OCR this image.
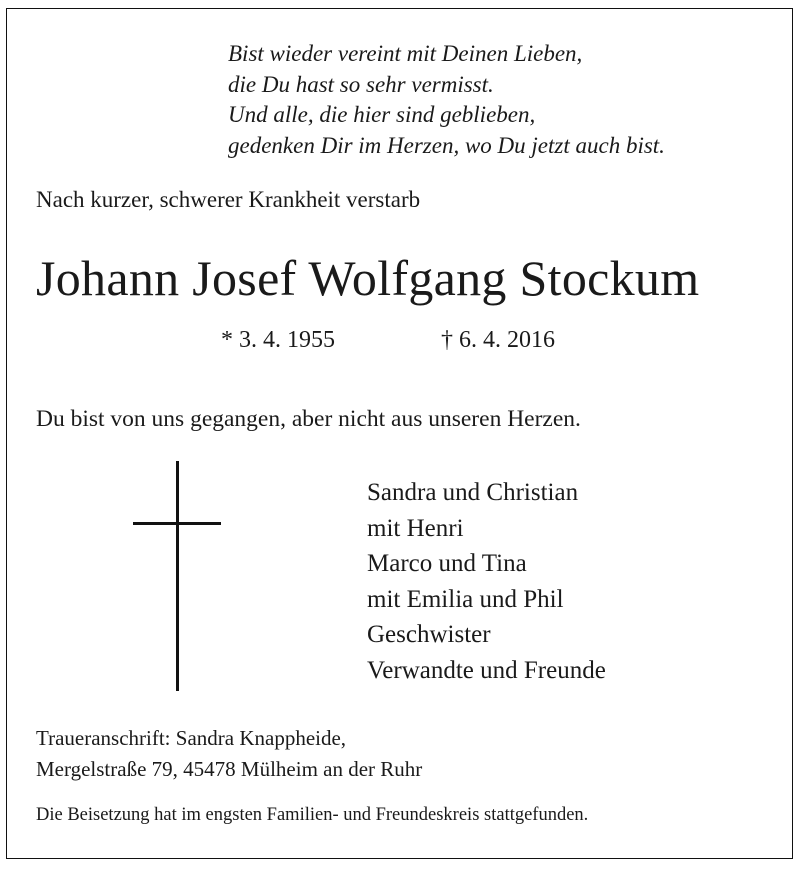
Bist wieder vereint mit Deinen Lieben,
die Du hast so sehr vermisst.
Und alle, die hier sind geblieben,
gedenken Dir im Herzen, wo Du jetzt auch bist.
Nach kurzer, schwerer Krankheit verstarb
Johann Josef Wolfgang Stockum
* 3. 4. 1955	† 6. 4. 2016
Du bist von uns gegangen, aber nicht aus unseren Herzen.
Sandra und Christian
mit Henri
Marco und Tina
mit Emilia und Phil
Geschwister
Verwandte und Freunde
Traueranschrift: Sandra Knappheide,
Mergelstraße 79, 45478 Mülheim an der Ruhr
Die Beisetzung hat im engsten Familien- und Freundeskreis stattgefunden.
